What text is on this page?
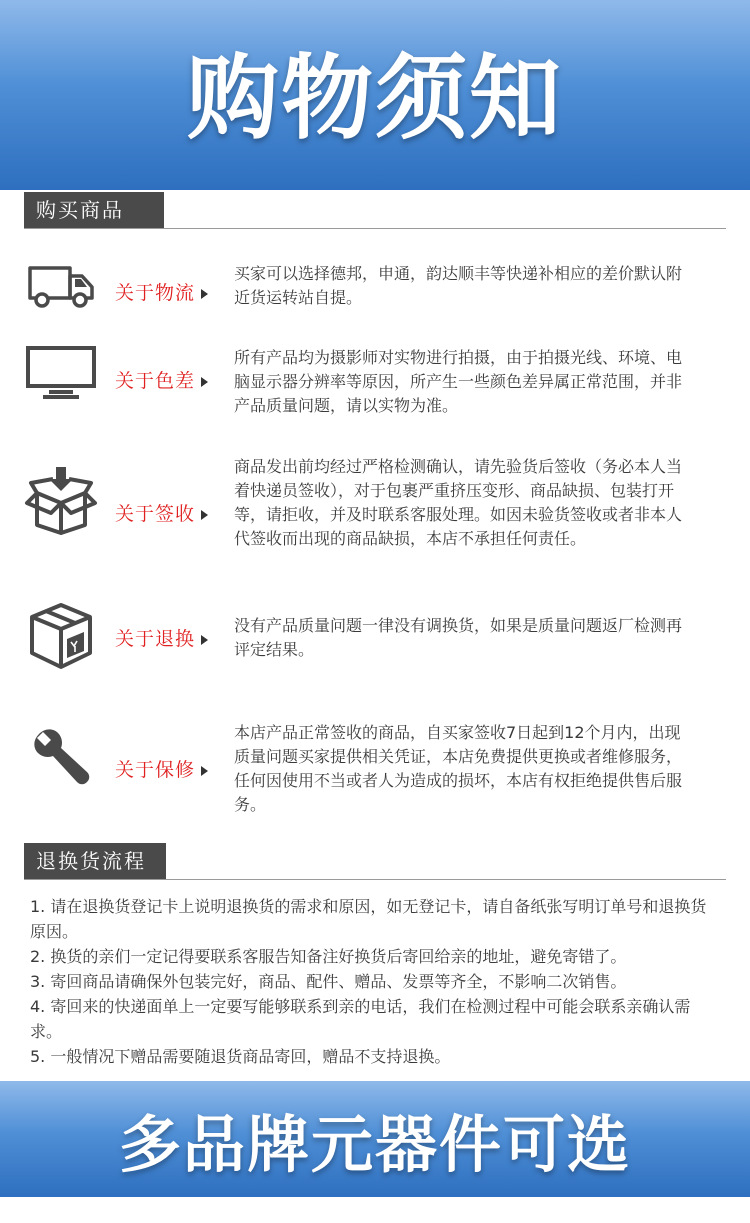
购物须知
购买商品
关于物流
买家可以选择德邦，申通，韵达顺丰等快递补相应的差价默认附近货运转站自提。
关于色差
所有产品均为摄影师对实物进行拍摄，由于拍摄光线、环境、电脑显示器分辨率等原因，所产生一些颜色差异属正常范围，并非产品质量问题，请以实物为准。
关于签收
商品发出前均经过严格检测确认，请先验货后签收（务必本人当着快递员签收），对于包裹严重挤压变形、商品缺损、包装打开等，请拒收，并及时联系客服处理。如因未验货签收或者非本人代签收而出现的商品缺损，本店不承担任何责任。
关于退换
没有产品质量问题一律没有调换货，如果是质量问题返厂检测再评定结果。
关于保修
本店产品正常签收的商品，自买家签收7日起到12个月内，出现质量问题买家提供相关凭证，本店免费提供更换或者维修服务，任何因使用不当或者人为造成的损坏，本店有权拒绝提供售后服务。
退换货流程

1. 请在退换货登记卡上说明退换货的需求和原因，如无登记卡，请自备纸张写明订单号和退换货原因。

2. 换货的亲们一定记得要联系客服告知备注好换货后寄回给亲的地址，避免寄错了。

3. 寄回商品请确保外包装完好，商品、配件、赠品、发票等齐全，不影响二次销售。

4. 寄回来的快递面单上一定要写能够联系到亲的电话，我们在检测过程中可能会联系亲确认需求。

5. 一般情况下赠品需要随退货商品寄回，赠品不支持退换。

多品牌元器件可选
